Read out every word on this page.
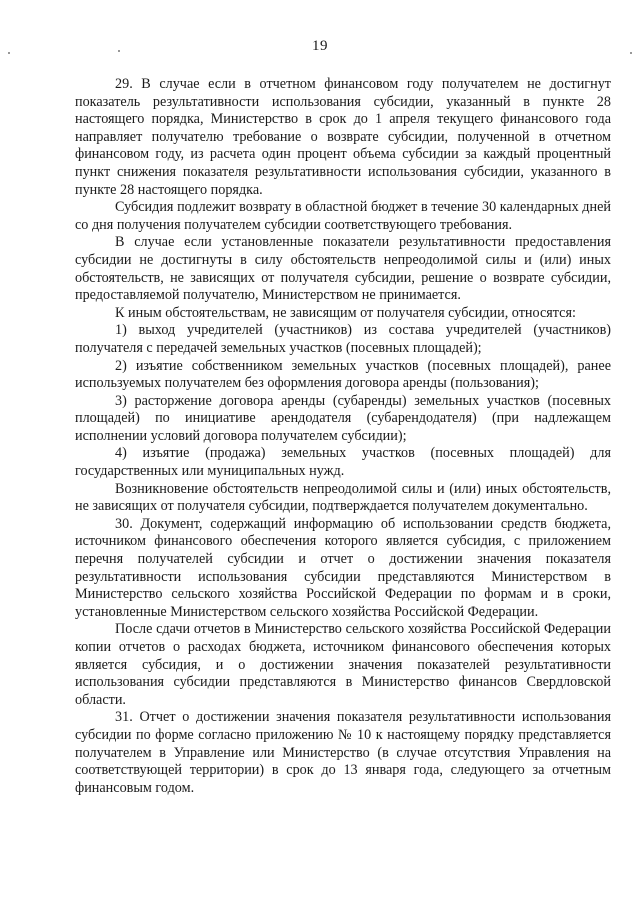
19

29. В случае если в отчетном финансовом году получателем не достигнут показатель результативности использования субсидии, указанный в пункте 28 настоящего порядка, Министерство в срок до 1 апреля текущего финансового года направляет получателю требование о возврате субсидии, полученной в отчетном финансовом году, из расчета один процент объема субсидии за каждый процентный пункт снижения показателя результативности использования субсидии, указанного в пункте 28 настоящего порядка.

Субсидия подлежит возврату в областной бюджет в течение 30 календарных дней со дня получения получателем субсидии соответствующего требования.

В случае если установленные показатели результативности предоставления субсидии не достигнуты в силу обстоятельств непреодолимой силы и (или) иных обстоятельств, не зависящих от получателя субсидии, решение о возврате субсидии, предоставляемой получателю, Министерством не принимается.

К иным обстоятельствам, не зависящим от получателя субсидии, относятся:

1) выход учредителей (участников) из состава учредителей (участников) получателя с передачей земельных участков (посевных площадей);

2) изъятие собственником земельных участков (посевных площадей), ранее используемых получателем без оформления договора аренды (пользования);

3) расторжение договора аренды (субаренды) земельных участков (посевных площадей) по инициативе арендодателя (субарендодателя) (при надлежащем исполнении условий договора получателем субсидии);

4) изъятие (продажа) земельных участков (посевных площадей) для государственных или муниципальных нужд.

Возникновение обстоятельств непреодолимой силы и (или) иных обстоятельств, не зависящих от получателя субсидии, подтверждается получателем документально.

30. Документ, содержащий информацию об использовании средств бюджета, источником финансового обеспечения которого является субсидия, с приложением перечня получателей субсидии и отчет о достижении значения показателя результативности использования субсидии представляются Министерством в Министерство сельского хозяйства Российской Федерации по формам и в сроки, установленные Министерством сельского хозяйства Российской Федерации.

После сдачи отчетов в Министерство сельского хозяйства Российской Федерации копии отчетов о расходах бюджета, источником финансового обеспечения которых является субсидия, и о достижении значения показателей результативности использования субсидии представляются в Министерство финансов Свердловской области.

31. Отчет о достижении значения показателя результативности использования субсидии по форме согласно приложению № 10 к настоящему порядку представляется получателем в Управление или Министерство (в случае отсутствия Управления на соответствующей территории) в срок до 13 января года, следующего за отчетным финансовым годом.
